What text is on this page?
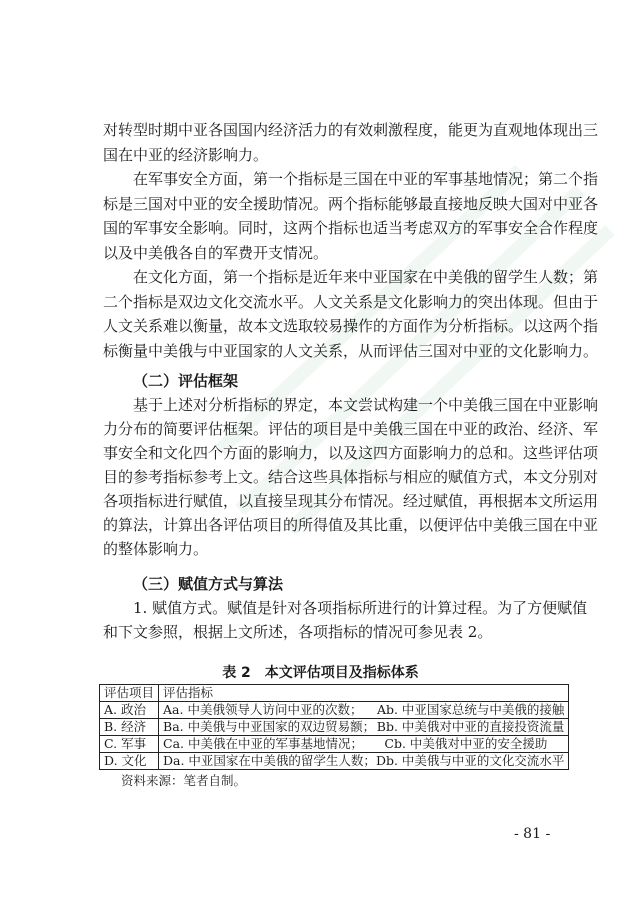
对转型时期中亚各国国内经济活力的有效刺激程度，能更为直观地体现出三
国在中亚的经济影响力。
在军事安全方面，第一个指标是三国在中亚的军事基地情况；第二个指
标是三国对中亚的安全援助情况。两个指标能够最直接地反映大国对中亚各
国的军事安全影响。同时，这两个指标也适当考虑双方的军事安全合作程度
以及中美俄各自的军费开支情况。
在文化方面，第一个指标是近年来中亚国家在中美俄的留学生人数；第
二个指标是双边文化交流水平。人文关系是文化影响力的突出体现。但由于
人文关系难以衡量，故本文选取较易操作的方面作为分析指标。以这两个指
标衡量中美俄与中亚国家的人文关系，从而评估三国对中亚的文化影响力。
（二）评估框架
基于上述对分析指标的界定，本文尝试构建一个中美俄三国在中亚影响
力分布的简要评估框架。评估的项目是中美俄三国在中亚的政治、经济、军
事安全和文化四个方面的影响力，以及这四方面影响力的总和。这些评估项
目的参考指标参考上文。结合这些具体指标与相应的赋值方式，本文分别对
各项指标进行赋值，以直接呈现其分布情况。经过赋值，再根据本文所运用
的算法，计算出各评估项目的所得值及其比重，以便评估中美俄三国在中亚
的整体影响力。
（三）赋值方式与算法
1. 赋值方式。赋值是针对各项指标所进行的计算过程。为了方便赋值
和下文参照，根据上文所述，各项指标的情况可参见表 2。
表 2　本文评估项目及指标体系
评估项目	评估指标
A. 政治	Aa. 中美俄领导人访问中亚的次数； Ab. 中亚国家总统与中美俄的接触

B. 经济	Ba. 中美俄与中亚国家的双边贸易额； Bb. 中美俄对中亚的直接投资流量

C. 军事	Ca. 中美俄在中亚的军事基地情况； Cb. 中美俄对中亚的安全援助

D. 文化	Da. 中亚国家在中美俄的留学生人数； Db. 中美俄与中亚的文化交流水平
资料来源：笔者自制。
- 81 -
